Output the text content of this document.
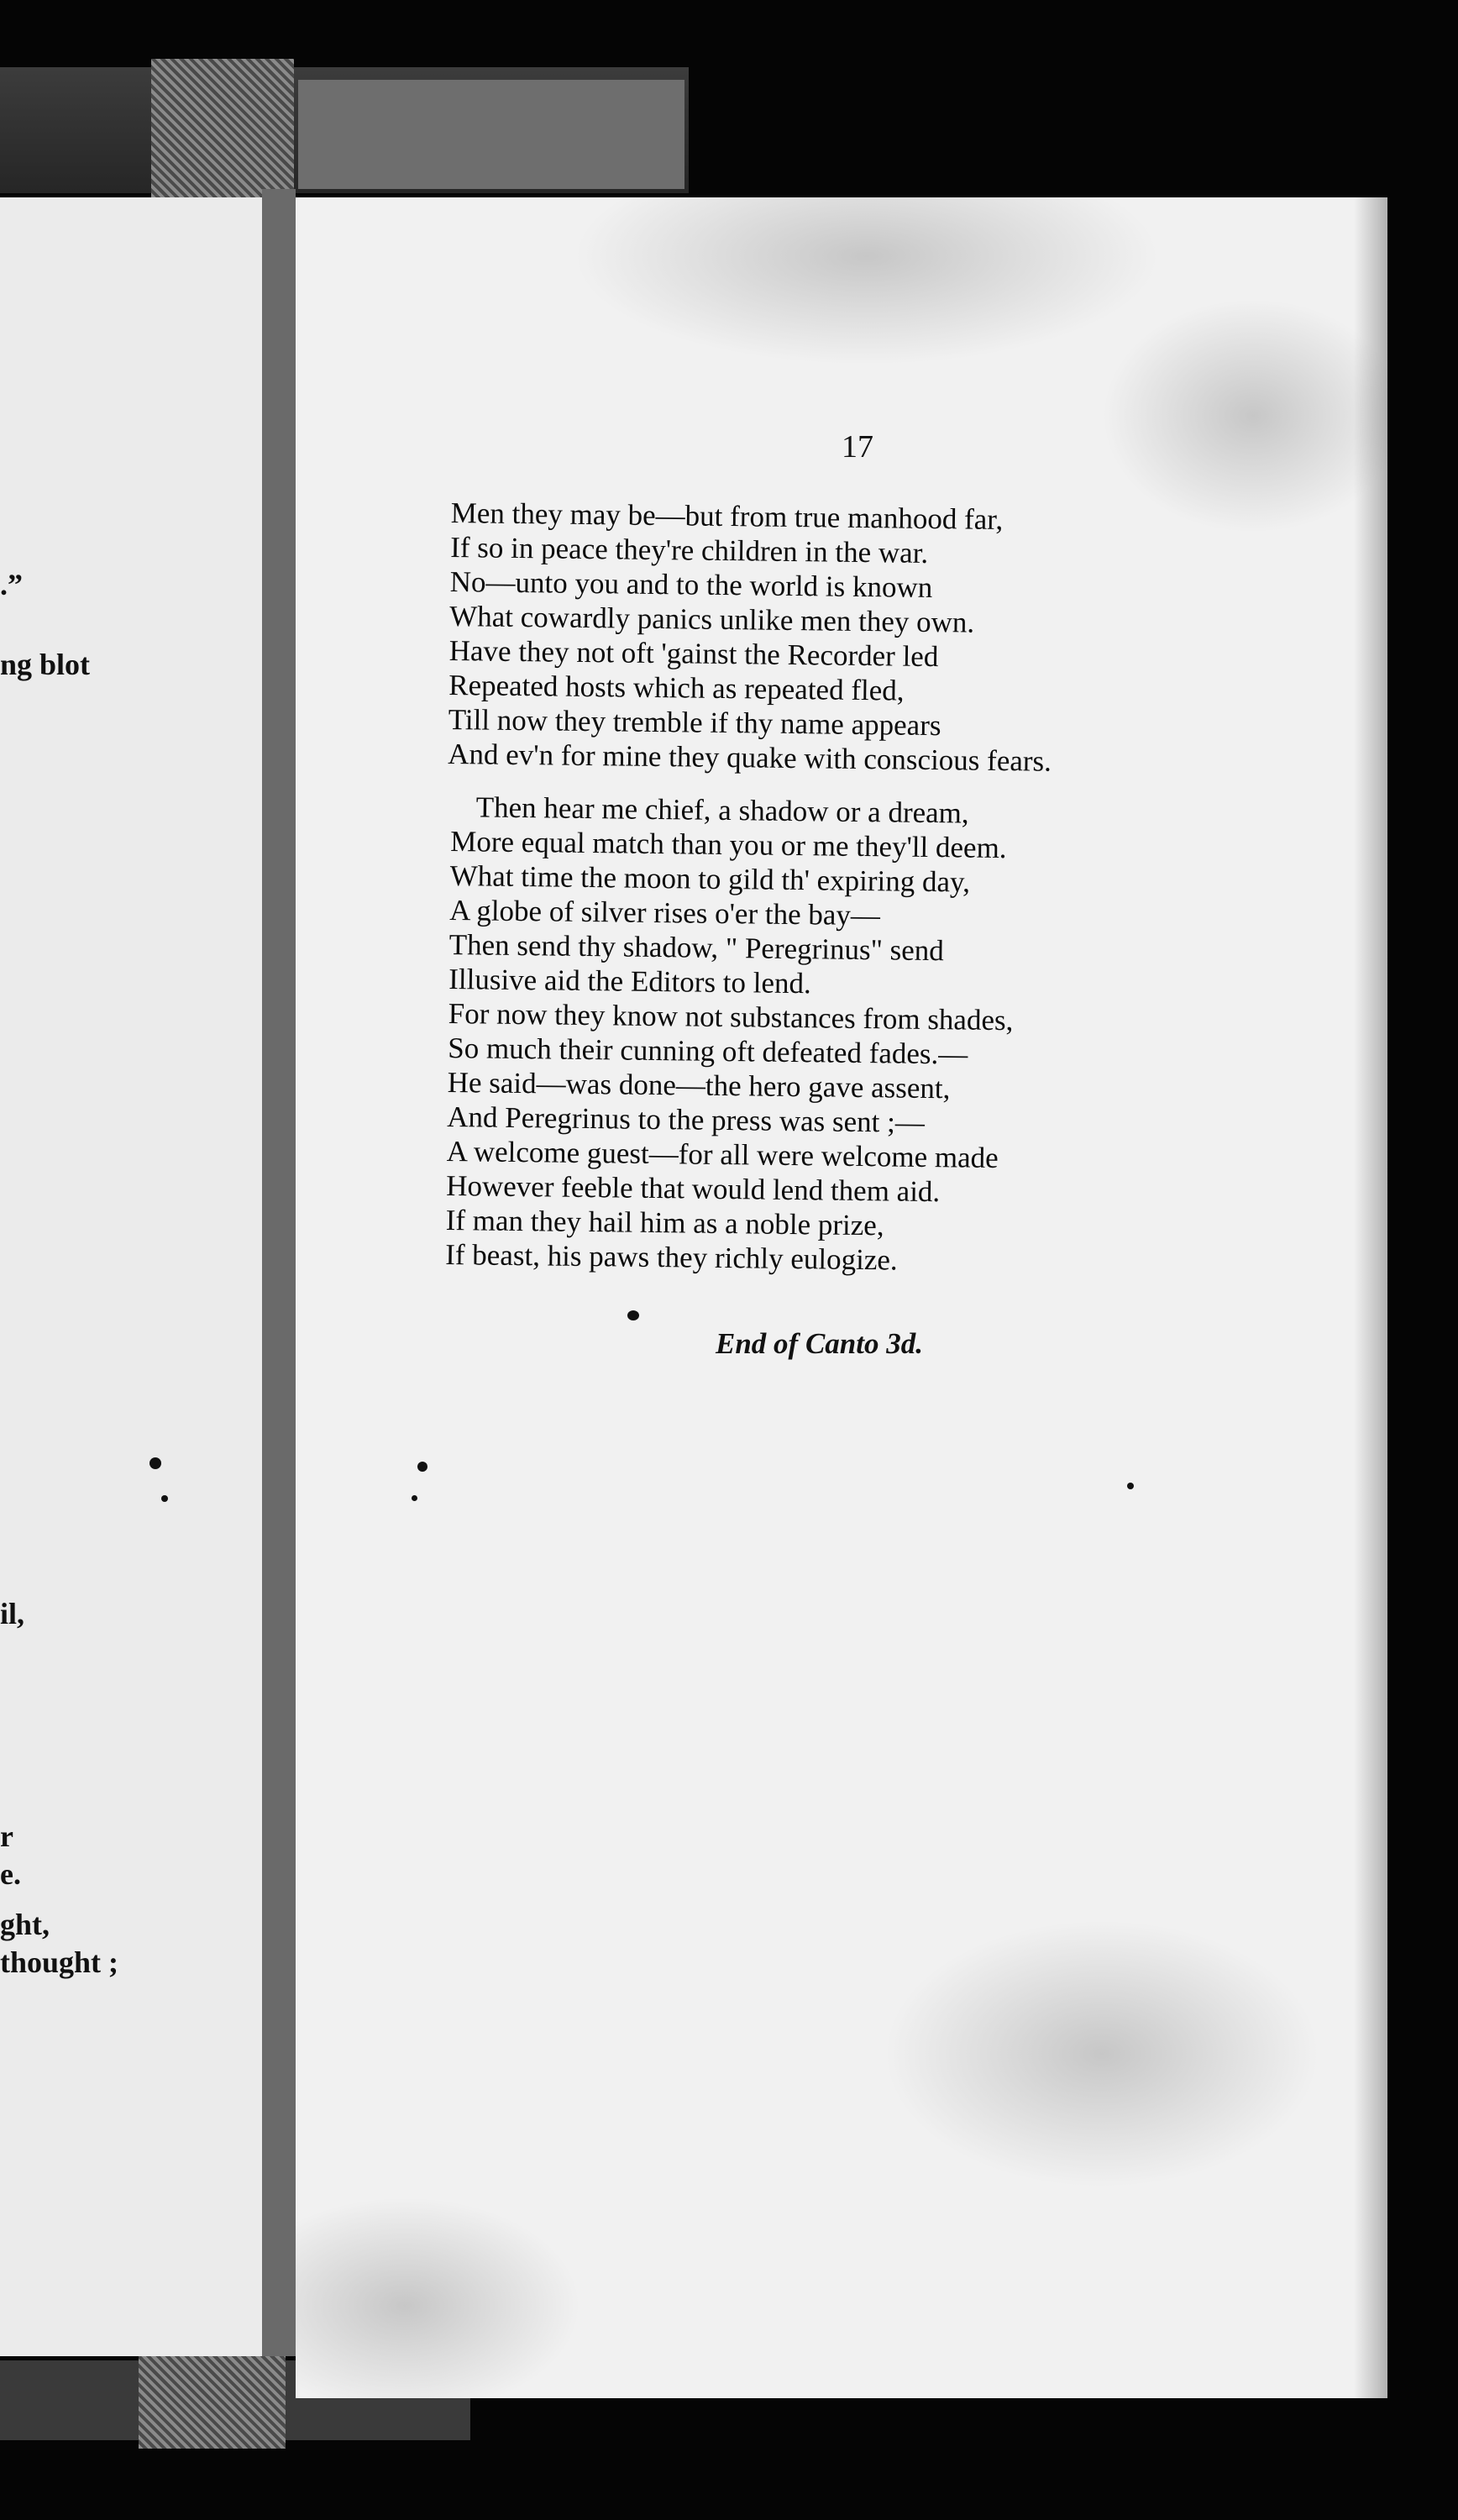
.”

ng blot

il,

r

e.

ght,

thought ;

17

Men they may be—but from true manhood far,
If so in peace they're children in the war.
No—unto you and to the world is known
What cowardly panics unlike men they own.
Have they not oft 'gainst the Recorder led
Repeated hosts which as repeated fled,
Till now they tremble if thy name appears
And ev'n for mine they quake with conscious fears.
Then hear me chief, a shadow or a dream,
More equal match than you or me they'll deem.
What time the moon to gild th' expiring day,
A globe of silver rises o'er the bay—
Then send thy shadow, " Peregrinus" send
Illusive aid the Editors to lend.
For now they know not substances from shades,
So much their cunning oft defeated fades.—
He said—was done—the hero gave assent,
And Peregrinus to the press was sent ;—
A welcome guest—for all were welcome made
However feeble that would lend them aid.
If man they hail him as a noble prize,
If beast, his paws they richly eulogize.

End of Canto 3d.
